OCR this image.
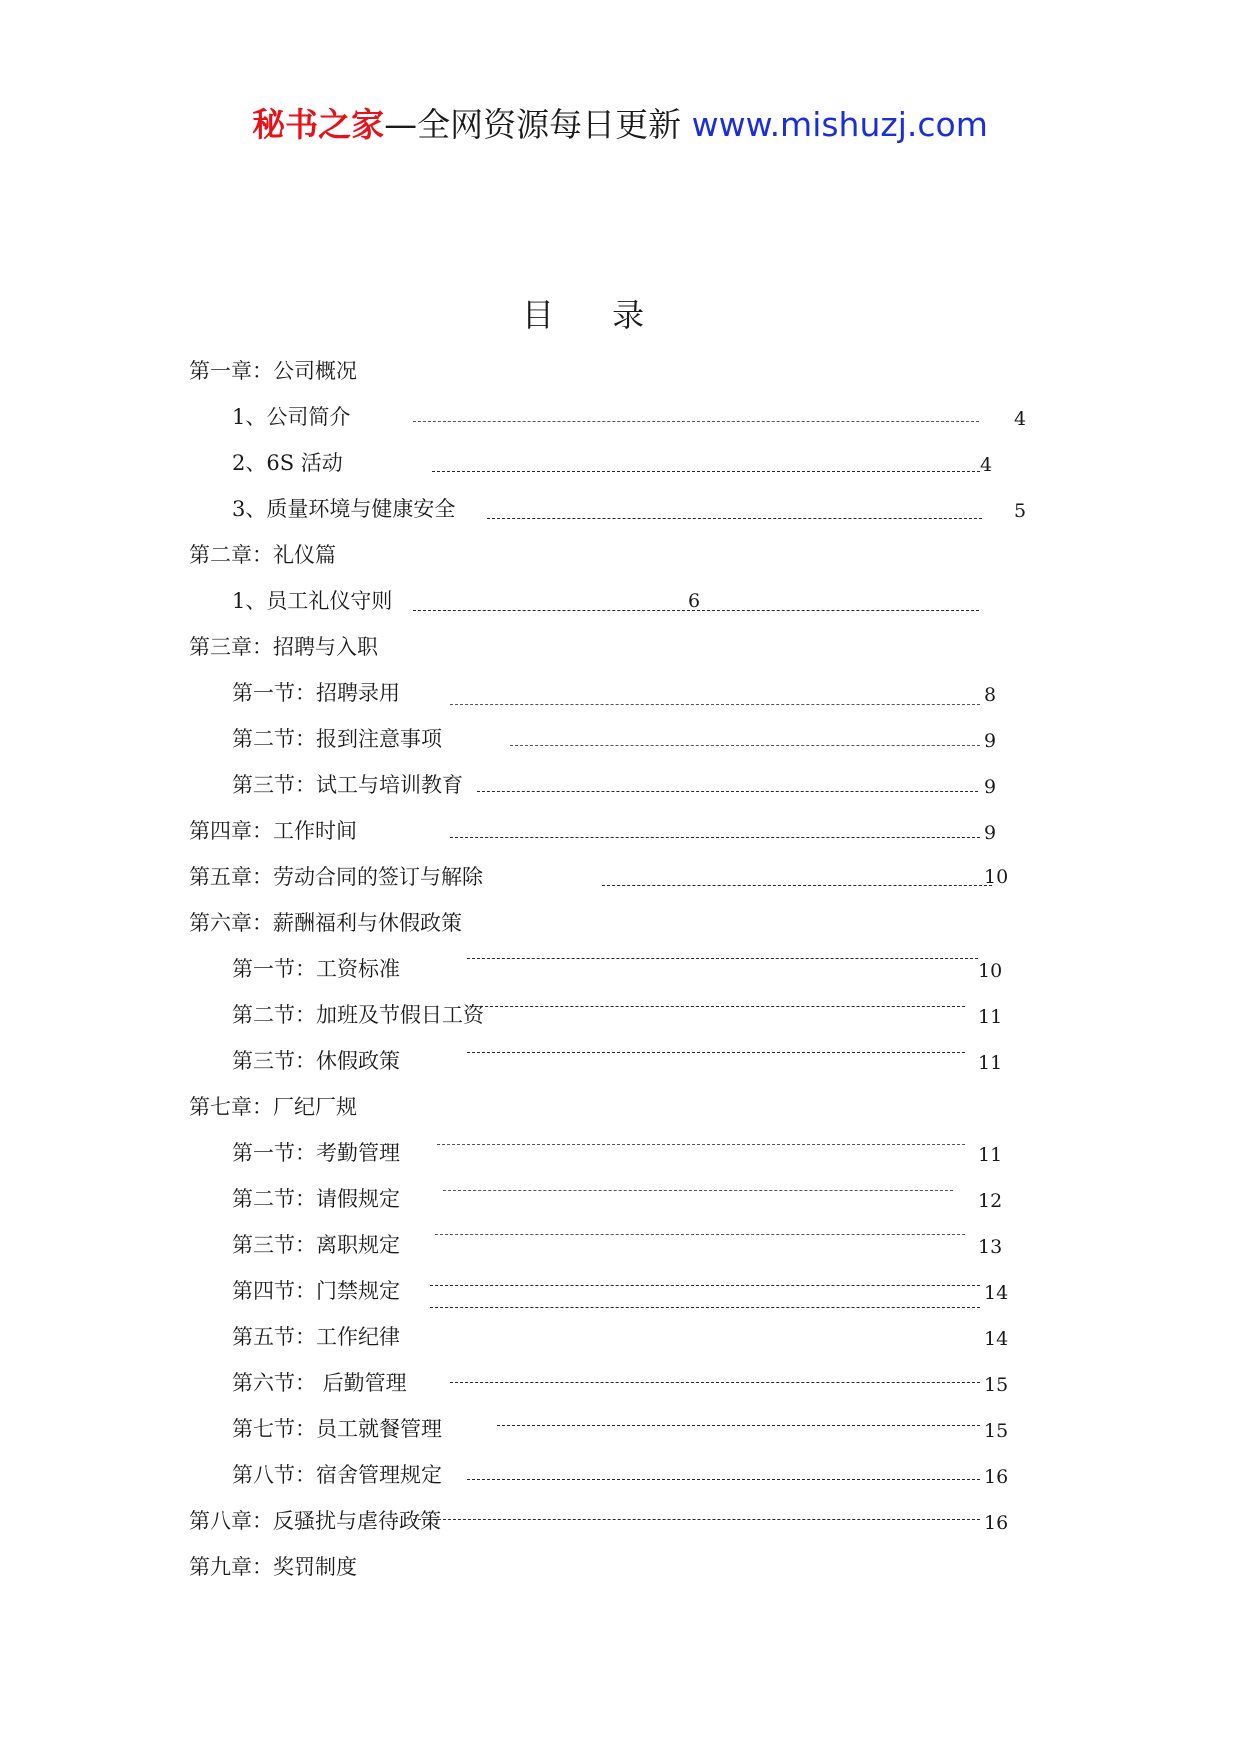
秘书之家—全网资源每日更新 www.mishuzj.com
目 录
第一章：公司概况
1、公司简介	4
2、6S 活动	4
3、质量环境与健康安全	5
第二章：礼仪篇
1、员工礼仪守则	6
第三章：招聘与入职
第一节：招聘录用	8
第二节：报到注意事项	9
第三节：试工与培训教育	9
第四章：工作时间	9
第五章：劳动合同的签订与解除	10
第六章：薪酬福利与休假政策
第一节：工资标准	10
第二节：加班及节假日工资	11
第三节：休假政策	11
第七章：厂纪厂规
第一节：考勤管理	11
第二节：请假规定	12
第三节：离职规定	13
第四节：门禁规定	14
第五节：工作纪律	14
第六节： 后勤管理	15
第七节：员工就餐管理	15
第八节：宿舍管理规定	16
第八章：反骚扰与虐待政策	16
第九章：奖罚制度
